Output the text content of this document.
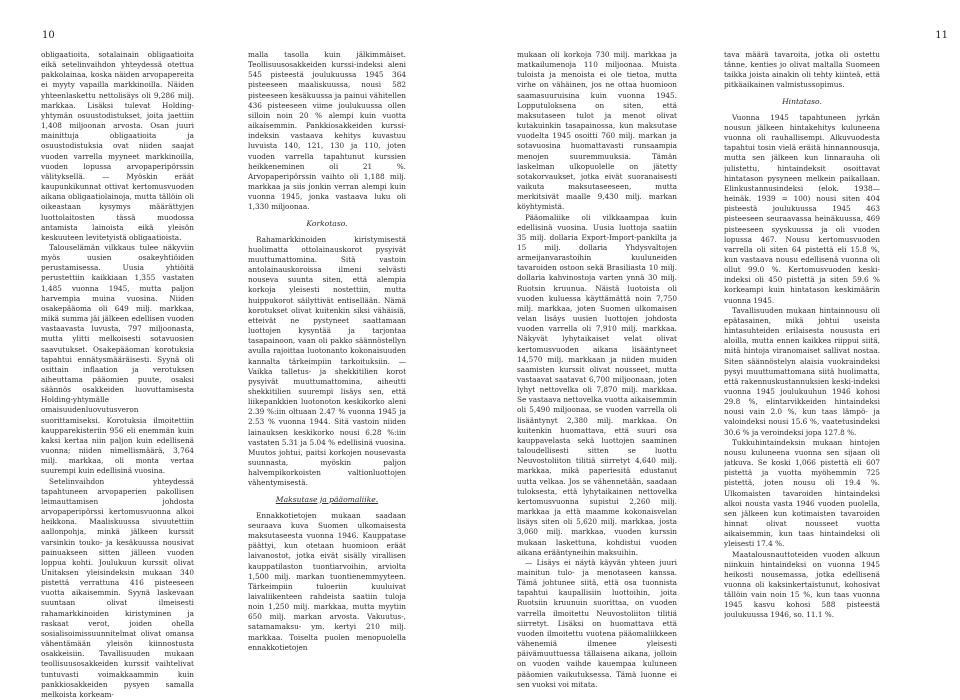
10

obligaatioita, sotalainain obligaatioita eikä setelinvaihdon yhteydessä otettua pakkolainaa, koska näiden arvopapereita ei myyty vapailla markkinoilla. Näiden yhteenlaskettu nettolisäys oli 9,286 milj. markkaa. Lisäksi tulevat Holding-yhtymän osuustodistukset, joita jaettiin 1,408 miljoonan arvosta. Osan juuri mainittuja obligaatioita ja osuustodistuksia ovat niiden saajat vuoden varrella myyneet markkinoilla, vuoden lopussa arvopaperipörssin välityksellä. — Myöskin eräät kaupunkikunnat ottivat kertomusvuoden aikana obligaatiolainoja, mutta tällöin oli oikeastaan kysymys määrättyjen luottolaitosten tässä muodossa antamista lainoista eikä yleisön keskuuteen levitetyistä obligaatioista.

Talouselämän vilkkaus tulee näkyviin myös uusien osakeyhtiöiden perustamisessa. Uusia yhtiöitä perustettiin kaikkiaan 1,355 vastaten 1,485 vuonna 1945, mutta paljon harvempia muina vuosina. Niiden osakepääoma oli 649 milj. markkaa, mikä summa jäi jälkeen edellisen vuoden vastaavasta luvusta, 797 miljoonasta, mutta ylitti melkoisesti sotavuosien saavutukset. Osakepääoman korotuksia tapahtui ennätysmääräisesti. Syynä oli osittain inflaation ja verotuksen aiheuttama pääomien puute, osaksi säännös osakkeiden luovuttamisesta Holding-yhtymälle omaisuudenluovutusveron suorittamiseksi. Korotuksia ilmoitettiin kaupparekisteriin 956 eli enemmän kuin kaksi kertaa niin paljon kuin edellisenä vuonna; niiden nimellismäärä, 3,764 milj. markkaa, oli monta vertaa suurempi kuin edellisinä vuosina.

Setelinvaihdon yhteydessä tapahtuneen arvopaperien pakollisen leimauttamisen johdosta arvopaperipörssi kertomusvuonna alkoi heikkona. Maaliskuussa sivuutettiin aallonpohja, minkä jälkeen kurssit varsinkin touko- ja kesäkuussa nousivat painuakseen sitten jälleen vuoden loppua kohti. Joulukuun kurssit olivat Unitaksen yleisindeksin mukaan 340 pistettä verrattuna 416 pisteeseen vuotta aikaisemmin. Syynä laskevaan suuntaan olivat ilmeisesti rahamarkkinoiden kiristyminen ja raskaat verot, joiden ohella sosialisoimissuunnitelmat olivat omansa vähentämään yleisön kiinnostusta osakkeisiin. Tavallisuuden mukaan teollisuusosakkeiden kurssit vaihtelivat tuntuvasti voimakkaammin kuin pankkiosakkeiden pysyen samalla melkoista korkeam-

malla tasolla kuin jälkimmäiset. Teollisuusosakkeiden kurssi-indeksi aleni 545 pisteestä joulukuussa 1945 364 pisteeseen maaliskuussa, nousi 582 pisteeseen kesäkuussa ja painui vähitellen 436 pisteeseen viime joulukuussa ollen silloin noin 20 % alempi kuin vuotta aikaisemmin. Pankkiosakkeiden kurssi-indeksin vastaava kehitys kuvastuu luvuista 140, 121, 130 ja 110, joten vuoden varrella tapahtunut kurssien heikkeneminen oli 21 %. Arvopaperipörssin vaihto oli 1,188 milj. markkaa ja siis jonkin verran alempi kuin vuonna 1945, jonka vastaava luku oli 1,330 miljoonaa.

Korkotaso.

Rahamarkkinoiden kiristymisestä huolimatta ottolainauskorot pysyivät muuttumattomina. Sitä vastoin antolainauskoroissa ilmeni selvästi nouseva suunta siten, että alempia korkoja yleisesti nostettiin, mutta huippukorot säilyttivät entisellään. Nämä korotukset olivat kuitenkin siksi vähäisiä, etteivät ne pystyneet saattamaan luottojen kysyntää ja tarjontaa tasapainoon, vaan oli pakko säännöstellyn avulla rajoittaa luotonanto kokonaisuuden kannalta tärkeimpiin tarkoituksiin. — Vaikka talletus- ja shekkitilien korot pysyivät muuttumattomina, aiheutti shekkitilien suurempi lisäys sen, että liikepankkien luotonoton keskikorko aleni 2.39 %:iin oltuaan 2.47 % vuonna 1945 ja 2.53 % vuonna 1944. Sitä vastoin niiden lainauksen keskikorko nousi 6.28 %:iin vastaten 5.31 ja 5.04 % edellisinä vuosina. Muutos johtui, paitsi korkojen nousevasta suunnasta, myöskin paljon halvempikorkoisten valtionluottojen vähentymisestä.

Maksutase ja pääomaliike.

Ennakkotietojen mukaan saadaan seuraava kuva Suomen ulkomaisesta maksutaseesta vuonna 1946. Kauppatase päättyi, kun otetaan huomioon eräät laivanostot, jotka eivät sisälly virallisen kauppatilaston tuontiarvoihin, arviolta 1,500 milj. markan tuontienemmyyteen. Tärkeimpiin tuloeriin kuuluivat laivaliikenteen rahdeista saatiin tuloja noin 1,250 milj. markkaa, mutta myytiin 650 milj. markan arvosta. Vakuutus-, satamamaksu- ym. kertyi 210 milj. markkaa. Toiselta puolen menopuolella ennakkotietojen

11

mukaan oli korkoja 730 milj. markkaa ja matkailumenoja 110 miljoonaa. Muista tuloista ja menoista ei ole tietoa, mutta virhe on vähäinen, jos ne ottaa huomioon saamasuuruisina kuin vuonna 1945. Lopputuloksena on siten, että maksutaseen tulot ja menot olivat kutakuinkin tasapainossa, kun maksutase vuodelta 1945 osoitti 760 milj. markan ja sotavuosina huomattavasti runsaampia menojen suuremmuuksia. Tämän laskelman ulkopuolelle on jätetty sotakorvaukset, jotka eivät suoranaisesti vaikuta maksutaseeseen, mutta merkitsivät maalle 9,430 milj. markan köyhtymistä.

Pääomaliike oli vilkkaampaa kuin edellisinä vuosina. Uusia luottoja saatiin 35 milj. dollaria Export-Import-pankilta ja 15 milj. dollaria Yhdysvaltojen armeijanvarastoihin kuuluneiden tavaroiden ostoon sekä Brasiliasta 10 milj. dollaria kahvinostoja varten ynnä 30 milj. Ruotsin kruunua. Näistä luotoista oli vuoden kuluessa käyttämättä noin 7,750 milj. markkaa, joten Suomen ulkomaisen velan lisäys uusien luottojen johdosta vuoden varrella oli 7,910 milj. markkaa. Näkyvät lyhytaikaiset velat olivat kertomusvuoden aikana lisääntyneet 14,570 milj. markkaan ja niiden muiden saamisten kurssit olivat nousseet, mutta vastaavat saatavat 6,700 miljoonaan, joten lyhyt nettovelka oli 7,870 milj. markkaa. Se vastaava nettovelka vuotta aikaisemmin oli 5,490 miljoonaa, se vuoden varrella oli lisääntynyt 2,380 milj. markkaa. On kuitenkin huomattava, että suuri osa kauppavelasta sekä luottojen saaminen taloudellisesti sitten se luottu Neuvostoliiton tilitiä siirretyt 4,640 milj. markkaa, mikä paperiesitä edustanut uutta velkaa. Jos se vähennetään, saadaan tuloksesta, että lyhytaikainen nettovelka kertomusvuonna supistui 2,260 milj. markkaa ja että maamme kokonaisvelan lisäys siten oli 5,620 milj. markkaa, josta 3,060 milj. markkaa, vuoden kurssin mukaan laskettuna, kohdistui vuoden aikana erääntyneihin maksuihin.

— Lisäys ei näytä käyvän yhteen juuri mainitun tulo- ja menotaseen kanssa. Tämä johtunee siitä, että osa tuonnista tapahtui kaupallisiin luottoihin, joita Ruotsiin kruunuin suorittaa, on vuoden varrella ilmoitettu Neuvostoliiton tilitiä siirretyt. Lisäksi on huomattava että vuoden ilmoitettu vuotena pääomaliikkeen vähenemiä ilmenee yleisesti päivämuuttuessa tällaisena aikana, jolloin on vuoden vaihde kauempaa kuluneen pääomien vaikutuksessa. Tämä luonne ei sen vuoksi voi mitata.

tava määrä tavaroita, jotka oli ostettu tänne, kenties jo olivat maltalla Suomeen taikka joista ainakin oli tehty kiinteä, että pitkäaikainen valmistussopimus.

Hintataso.

Vuonna 1945 tapahtuneen jyrkän nousun jälkeen hintakehitys kuluneena vuonna oli rauhallisempi. Alkuvuodesta tapahtui tosin vielä eräitä hinnannousuja, mutta sen jälkeen kun linnarauha oli julistettu, hintaindeksit osoittavat hintatason pysyneen melkein paikallaan. Elinkustannusindeksi (elok. 1938—heinäk. 1939 = 100) nousi siten 404 pisteestä joulukuussa 1945 463 pisteeseen seuraavassa heinäkuussa, 469 pisteeseen syyskuussa ja oli vuoden lopussa 467. Nousu kertomusvuoden varrella oli siten 64 pistettä eli 15.8 %, kun vastaava nousu edellisenä vuonna oli ollut 99.0 %. Kertomusvuoden keski-indeksi oli 450 pistettä ja siten 59.6 % korkeampi kuin hintatason keskimäärin vuonna 1945.

Tavallisuuden mukaan hintainnousu oli epätasainen, mikä johtui useista hintasuhteiden erilaisesta noususta eri aloilla, mutta ennen kaikkea riippui siitä, mitä hintoja viranomaiset sallivat nostaa. Siten säännöstelyn alaisia vuokraindeksi pysyi muuttumattomana siitä huolimatta, että rakennuskustannuksien keski-indeksi vuonna 1945 joulukuuhun 1946 kohosi 29.8 %, elintarvikkeiden hintaindeksi nousi vain 2.0 %, kun taas lämpö- ja valoindeksi nousi 15.6 %, vaatetusindeksi 30.6 % ja veroindeksi jopa 127.8 %.

Tukkuhintaindeksin mukaan hintojen nousu kuluneena vuonna sen sijaan oli jatkuva. Se koski 1,066 pistettä eli 607 pistettä ja vuotta myöhemmin 725 pistettä, joten nousu oli 19.4 %. Ulkomaisten tavaroiden hintaindeksi alkoi nousta vasta 1946 vuoden puolella, sen jälkeen kun kotimaisten tavaroiden hinnat olivat nousseet vuotta aikaisemmin, kun taas hintaindeksi oli yleisesti 17.4 %.

Maatalousnauttoteiden vuoden alkuun niinkuin hintaindeksi on vuonna 1945 heikosti nousemassa, jotka edellisenä vuonna oli kaksinkertaistunut, kohosivat tällöin vain noin 15 %, kun taas vuonna 1945 kasvu kohosi 588 pisteestä joulukuussa 1946, so. 11.1 %.
